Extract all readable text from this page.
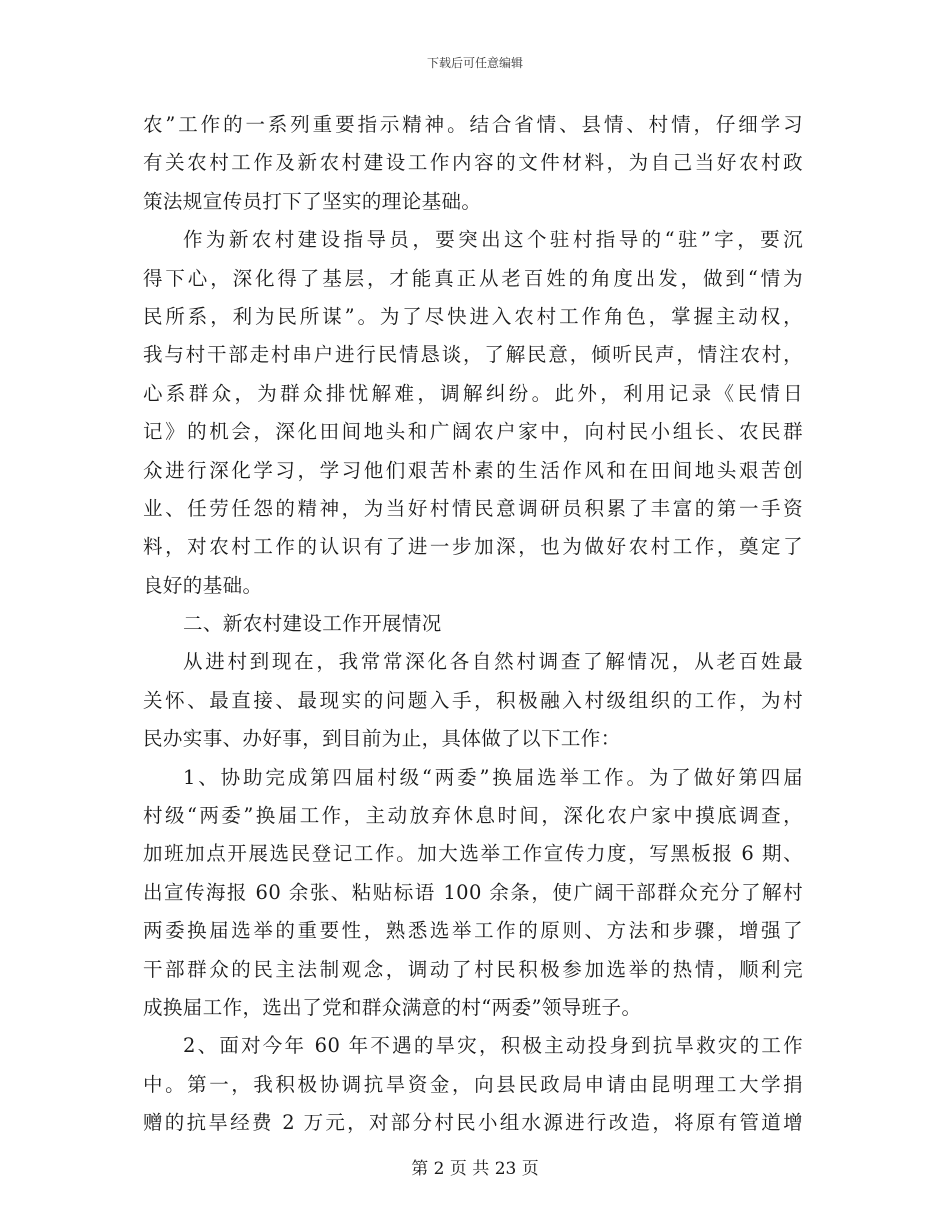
下载后可任意编辑
农”工作的一系列重要指示精神。结合省情、县情、村情，仔细学习
有关农村工作及新农村建设工作内容的文件材料，为自己当好农村政
策法规宣传员打下了坚实的理论基础。
作为新农村建设指导员，要突出这个驻村指导的“驻”字，要沉
得下心，深化得了基层，才能真正从老百姓的角度出发，做到“情为
民所系，利为民所谋”。为了尽快进入农村工作角色，掌握主动权，
我与村干部走村串户进行民情恳谈，了解民意，倾听民声，情注农村，
心系群众，为群众排忧解难，调解纠纷。此外，利用记录《民情日
记》的机会，深化田间地头和广阔农户家中，向村民小组长、农民群
众进行深化学习，学习他们艰苦朴素的生活作风和在田间地头艰苦创
业、任劳任怨的精神，为当好村情民意调研员积累了丰富的第一手资
料，对农村工作的认识有了进一步加深，也为做好农村工作，奠定了
良好的基础。
二、新农村建设工作开展情况
从进村到现在，我常常深化各自然村调查了解情况，从老百姓最
关怀、最直接、最现实的问题入手，积极融入村级组织的工作，为村
民办实事、办好事，到目前为止，具体做了以下工作：
1、协助完成第四届村级“两委”换届选举工作。为了做好第四届
村级“两委”换届工作，主动放弃休息时间，深化农户家中摸底调查，
加班加点开展选民登记工作。加大选举工作宣传力度，写黑板报 6 期、
出宣传海报 60 余张、粘贴标语 100 余条，使广阔干部群众充分了解村
两委换届选举的重要性，熟悉选举工作的原则、方法和步骤，增强了
干部群众的民主法制观念，调动了村民积极参加选举的热情，顺利完
成换届工作，选出了党和群众满意的村“两委”领导班子。
2、面对今年 60 年不遇的旱灾，积极主动投身到抗旱救灾的工作
中。第一，我积极协调抗旱资金，向县民政局申请由昆明理工大学捐
赠的抗旱经费 2 万元，对部分村民小组水源进行改造，将原有管道增
第 2 页 共 23 页
